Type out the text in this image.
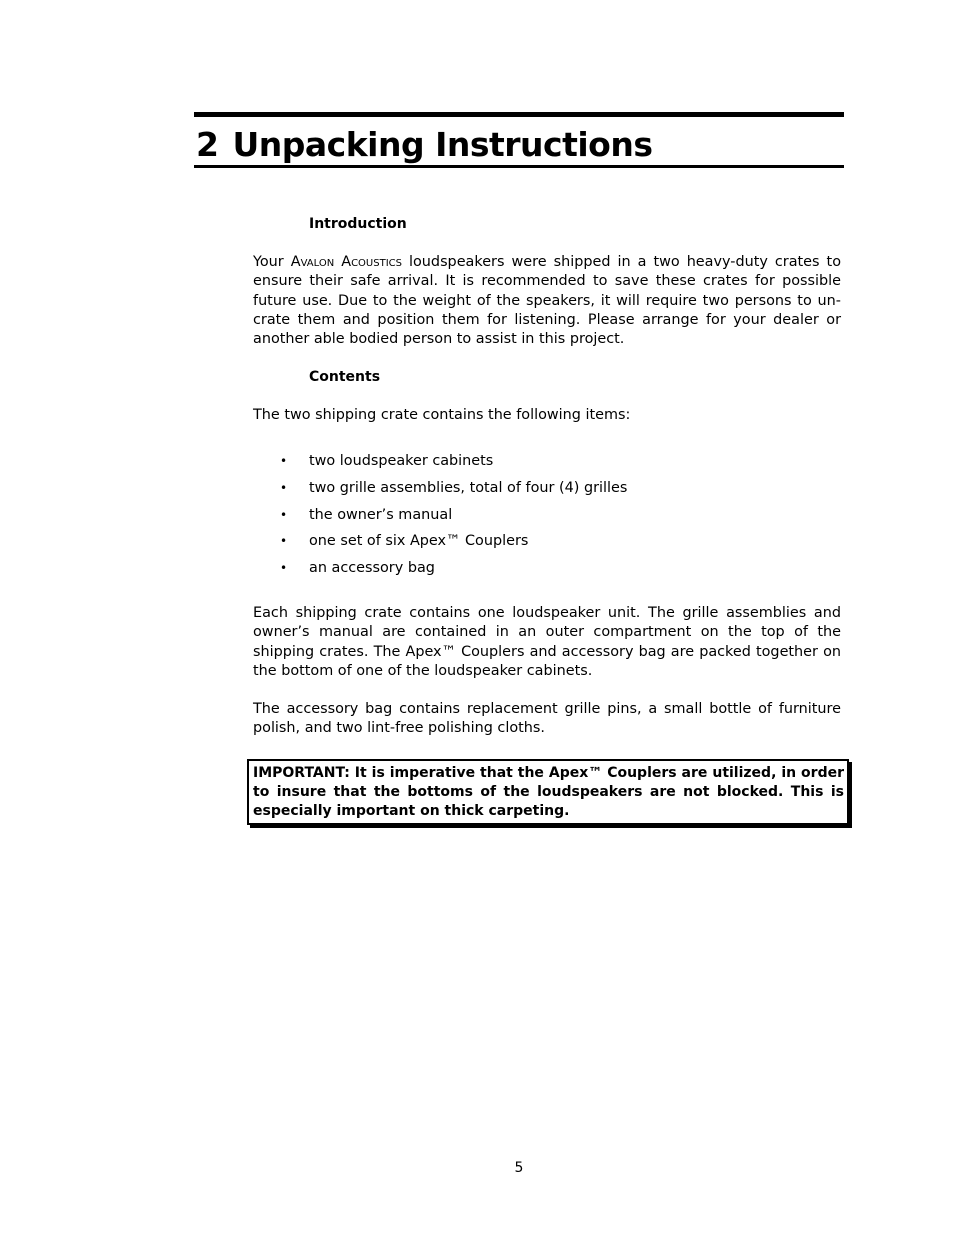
2 Unpacking Instructions
Introduction

Your Avalon Acoustics loudspeakers were shipped in a two heavy-duty crates to ensure their safe arrival. It is recommended to save these crates for possible future use. Due to the weight of the speakers, it will require two persons to un-crate them and position them for listening. Please arrange for your dealer or another able bodied person to assist in this project.

Contents

The two shipping crate contains the following items:

• two loudspeaker cabinets
• two grille assemblies, total of four (4) grilles
• the owner’s manual
• one set of six Apex™ Couplers
• an accessory bag

Each shipping crate contains one loudspeaker unit. The grille assemblies and owner’s manual are contained in an outer compartment on the top of the shipping crates. The Apex™ Couplers and accessory bag are packed together on the bottom of one of the loudspeaker cabinets.

The accessory bag contains replacement grille pins, a small bottle of furniture polish, and two lint-free polishing cloths.

IMPORTANT: It is imperative that the Apex™ Couplers are utilized, in order to insure that the bottoms of the loudspeakers are not blocked. This is especially important on thick carpeting.
5
